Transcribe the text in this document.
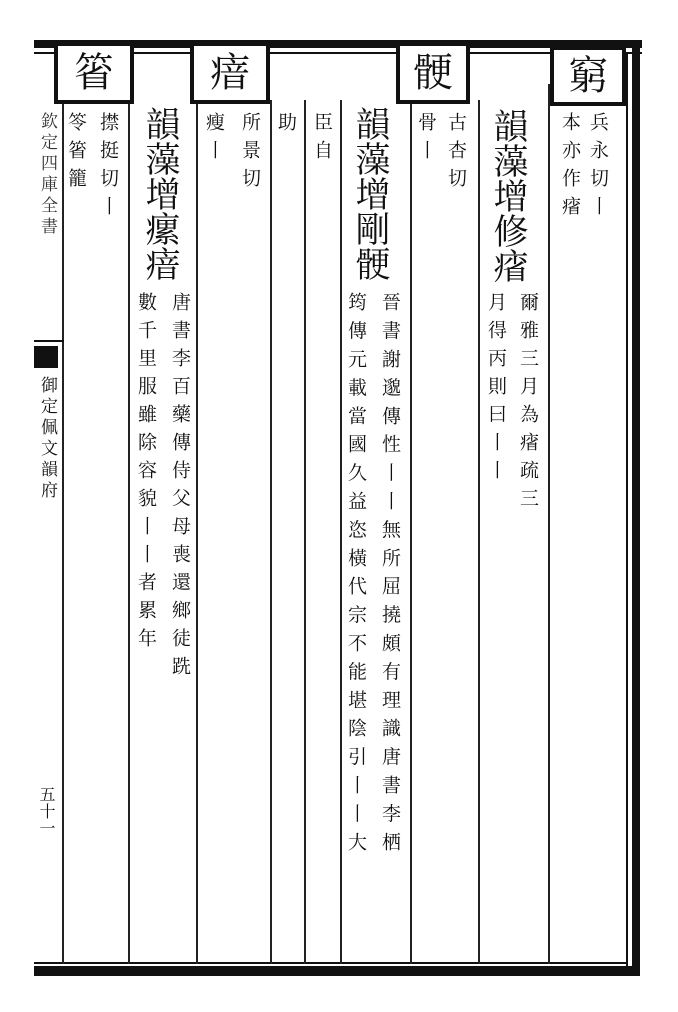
窮
骾
瘖
箵
兵永切丨
本亦作㾪
韻藻增修㾪
爾雅三月為㾪疏三
月得丙則曰丨丨
古杏切
骨丨
韻藻增剛骾
晉書謝邈傳性丨丨無所屈撓頗有理識唐書李栖
筠傳元載當國久益恣橫代宗不能堪陰引丨丨大
臣自
助
所景切
瘦丨
韻藻增瘰瘖
唐書李百藥傳侍父母喪還鄉徒跣
數千里服雖除容貌丨丨者累年
㩒挺切丨
笭箵籠
欽定四庫全書
御定佩文韻府
五十一
